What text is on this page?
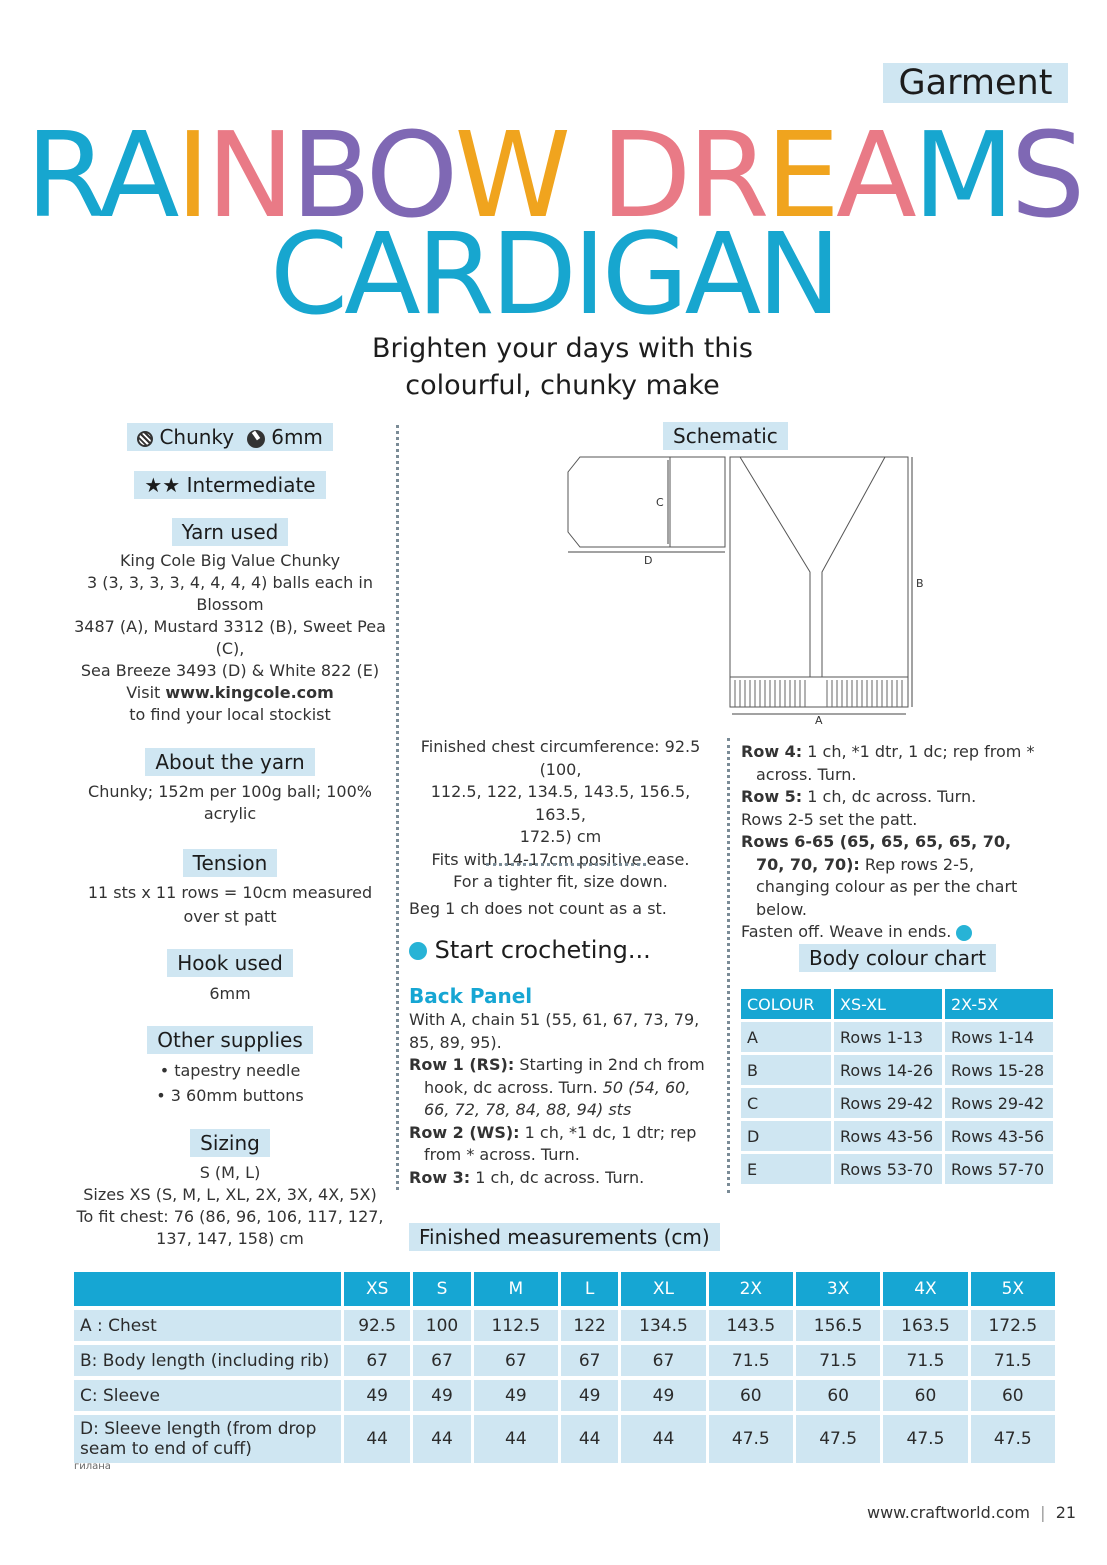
Garment
RAINBOW DREAMS
CARDIGAN
Brighten your days with this
colourful, chunky make
Chunky 6mm
★★ Intermediate
Yarn used
King Cole Big Value Chunky
3 (3, 3, 3, 3, 4, 4, 4, 4) balls each in Blossom
3487 (A), Mustard 3312 (B), Sweet Pea (C),
Sea Breeze 3493 (D) & White 822 (E)
Visit www.kingcole.com
to find your local stockist
About the yarn
Chunky; 152m per 100g ball; 100% acrylic
Tension
11 sts x 11 rows = 10cm measured
over st patt
Hook used
6mm
Other supplies
• tapestry needle
• 3 60mm buttons
Sizing
S (M, L)
Sizes XS (S, M, L, XL, 2X, 3X, 4X, 5X)
To fit chest: 76 (86, 96, 106, 117, 127,
137, 147, 158) cm
Schematic
C
D
B
A
Finished chest circumference: 92.5 (100,
112.5, 122, 134.5, 143.5, 156.5, 163.5,
172.5) cm
Fits with 14-17cm positive ease.
For a tighter fit, size down.
Beg 1 ch does not count as a st.
Start crocheting...
Back Panel
With A, chain 51 (55, 61, 67, 73, 79, 85, 89, 95).
Row 1 (RS): Starting in 2nd ch from hook, dc across. Turn. 50 (54, 60, 66, 72, 78, 84, 88, 94) sts
Row 2 (WS): 1 ch, *1 dc, 1 dtr; rep from * across. Turn.
Row 3: 1 ch, dc across. Turn.
Row 4: 1 ch, *1 dtr, 1 dc; rep from * across. Turn.
Row 5: 1 ch, dc across. Turn.
Rows 2-5 set the patt.
Rows 6-65 (65, 65, 65, 65, 70, 70, 70, 70): Rep rows 2-5, changing colour as per the chart below.
Fasten off. Weave in ends.
Body colour chart
COLOUR	XS-XL	2X-5X
A	Rows 1-13	Rows 1-14
B	Rows 14-26	Rows 15-28
C	Rows 29-42	Rows 29-42
D	Rows 43-56	Rows 43-56
E	Rows 53-70	Rows 57-70
Finished measurements (cm)
	XS	S	M	L	XL	2X	3X	4X	5X
A : Chest	92.5	100	112.5	122	134.5	143.5	156.5	163.5	172.5
B: Body length (including rib)	67	67	67	67	67	71.5	71.5	71.5	71.5
C: Sleeve	49	49	49	49	49	60	60	60	60
D: Sleeve length (from drop seam to end of cuff)	44	44	44	44	44	47.5	47.5	47.5	47.5
гилана
www.craftworld.com  |  21
